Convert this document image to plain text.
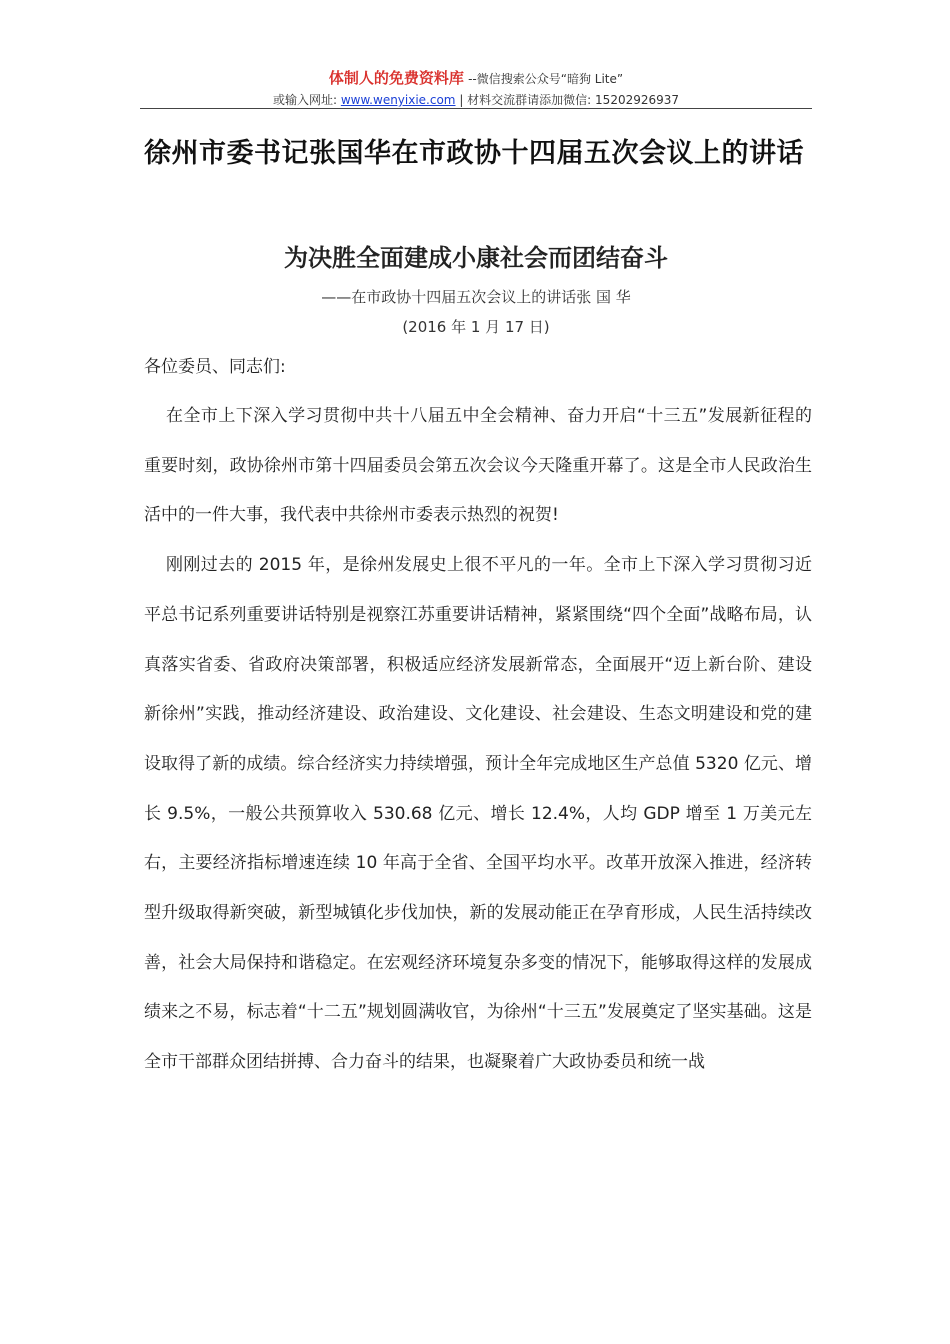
体制人的免费资料库 --微信搜索公众号“暗狗 Lite”
或输入网址: www.wenyixie.com | 材料交流群请添加微信: 15202926937
徐州市委书记张国华在市政协十四届五次会议上的讲话
为决胜全面建成小康社会而团结奋斗
——在市政协十四届五次会议上的讲话张 国 华
(2016 年 1 月 17 日)

各位委员、同志们:

在全市上下深入学习贯彻中共十八届五中全会精神、奋力开启“十三五”发展新征程的重要时刻，政协徐州市第十四届委员会第五次会议今天隆重开幕了。这是全市人民政治生活中的一件大事，我代表中共徐州市委表示热烈的祝贺!

刚刚过去的 2015 年，是徐州发展史上很不平凡的一年。全市上下深入学习贯彻习近平总书记系列重要讲话特别是视察江苏重要讲话精神，紧紧围绕“四个全面”战略布局，认真落实省委、省政府决策部署，积极适应经济发展新常态，全面展开“迈上新台阶、建设新徐州”实践，推动经济建设、政治建设、文化建设、社会建设、生态文明建设和党的建设取得了新的成绩。综合经济实力持续增强，预计全年完成地区生产总值 5320 亿元、增长 9.5%，一般公共预算收入 530.68 亿元、增长 12.4%，人均 GDP 增至 1 万美元左右，主要经济指标增速连续 10 年高于全省、全国平均水平。改革开放深入推进，经济转型升级取得新突破，新型城镇化步伐加快，新的发展动能正在孕育形成，人民生活持续改善，社会大局保持和谐稳定。在宏观经济环境复杂多变的情况下，能够取得这样的发展成绩来之不易，标志着“十二五”规划圆满收官，为徐州“十三五”发展奠定了坚实基础。这是全市干部群众团结拼搏、合力奋斗的结果，也凝聚着广大政协委员和统一战
